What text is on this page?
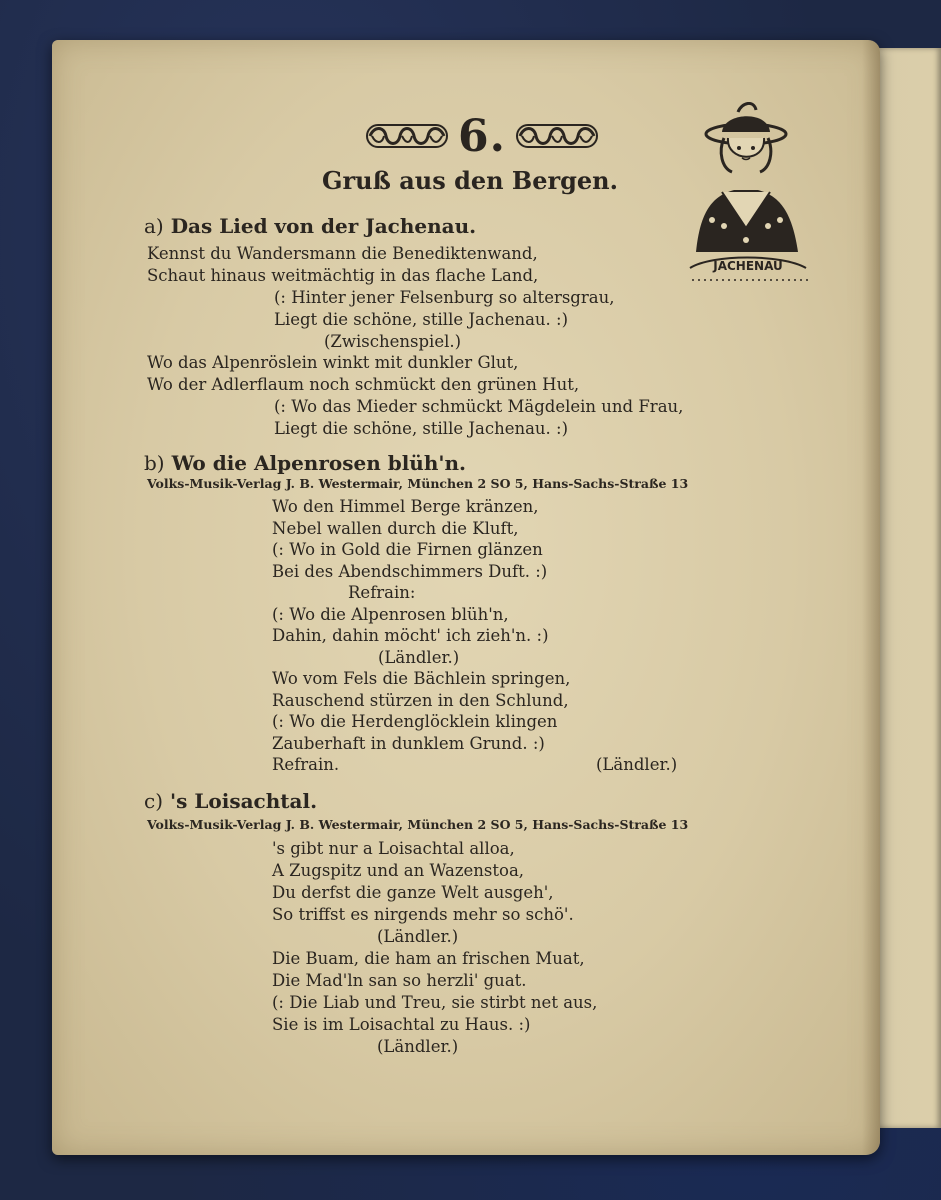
6.
Gruß aus den Bergen.
JACHENAU
a) Das Lied von der Jachenau.
Kennst du Wandersmann die Benediktenwand,
Schaut hinaus weitmächtig in das flache Land,
(: Hinter jener Felsenburg so altersgrau,
Liegt die schöne, stille Jachenau. :)
(Zwischenspiel.)
Wo das Alpenröslein winkt mit dunkler Glut,
Wo der Adlerflaum noch schmückt den grünen Hut,
(: Wo das Mieder schmückt Mägdelein und Frau,
Liegt die schöne, stille Jachenau. :)
b) Wo die Alpenrosen blüh'n.
Volks-Musik-Verlag J. B. Westermair, München 2 SO 5, Hans-Sachs-Straße 13
Wo den Himmel Berge kränzen,
Nebel wallen durch die Kluft,
(: Wo in Gold die Firnen glänzen
Bei des Abendschimmers Duft. :)
Refrain:
(: Wo die Alpenrosen blüh'n,
Dahin, dahin möcht' ich zieh'n. :)
(Ländler.)
Wo vom Fels die Bächlein springen,
Rauschend stürzen in den Schlund,
(: Wo die Herdenglöcklein klingen
Zauberhaft in dunklem Grund. :)
Refrain.	(Ländler.)
c) 's Loisachtal.
Volks-Musik-Verlag J. B. Westermair, München 2 SO 5, Hans-Sachs-Straße 13
's gibt nur a Loisachtal alloa,
A Zugspitz und an Wazenstoa,
Du derfst die ganze Welt ausgeh',
So triffst es nirgends mehr so schö'.
(Ländler.)
Die Buam, die ham an frischen Muat,
Die Mad'ln san so herzli' guat.
(: Die Liab und Treu, sie stirbt net aus,
Sie is im Loisachtal zu Haus. :)
(Ländler.)
